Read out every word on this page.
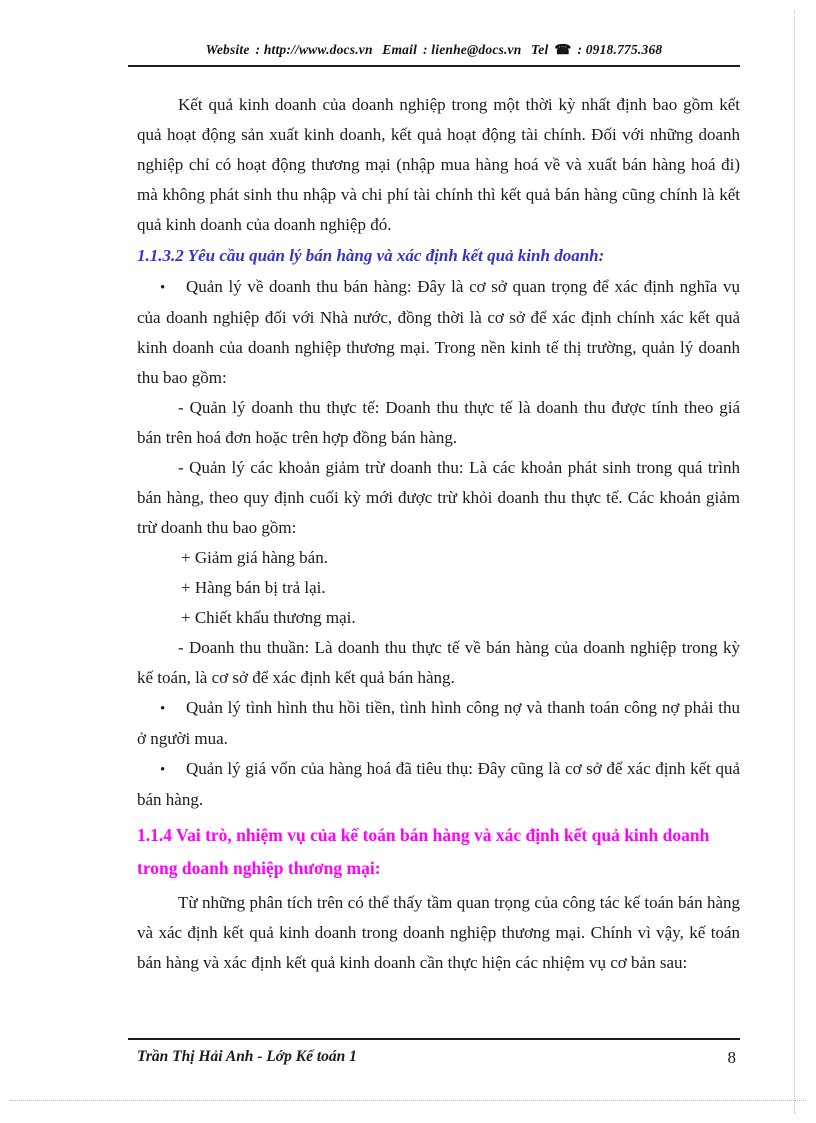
Website : http://www.docs.vn Email : lienhe@docs.vn Tel ☎ : 0918.775.368

Kết quả kinh doanh của doanh nghiệp trong một thời kỳ nhất định bao gồm kết quả hoạt động sản xuất kinh doanh, kết quả hoạt động tài chính. Đối với những doanh nghiệp chỉ có hoạt động thương mại (nhập mua hàng hoá về và xuất bán hàng hoá đi) mà không phát sinh thu nhập và chi phí tài chính thì kết quả bán hàng cũng chính là kết quả kinh doanh của doanh nghiệp đó.

1.1.3.2 Yêu cầu quản lý bán hàng và xác định kết quả kinh doanh:

• Quản lý về doanh thu bán hàng: Đây là cơ sở quan trọng để xác định nghĩa vụ của doanh nghiệp đối với Nhà nước, đồng thời là cơ sở để xác định chính xác kết quả kinh doanh của doanh nghiệp thương mại. Trong nền kinh tế thị trường, quản lý doanh thu bao gồm:

- Quản lý doanh thu thực tế: Doanh thu thực tế là doanh thu được tính theo giá bán trên hoá đơn hoặc trên hợp đồng bán hàng.

- Quản lý các khoản giảm trừ doanh thu: Là các khoản phát sinh trong quá trình bán hàng, theo quy định cuối kỳ mới được trừ khỏi doanh thu thực tế. Các khoản giảm trừ doanh thu bao gồm:

+ Giảm giá hàng bán.

+ Hàng bán bị trả lại.

+ Chiết khấu thương mại.

- Doanh thu thuần: Là doanh thu thực tế về bán hàng của doanh nghiệp trong kỳ kế toán, là cơ sở để xác định kết quả bán hàng.

• Quản lý tình hình thu hồi tiền, tình hình công nợ và thanh toán công nợ phải thu ở người mua.

• Quản lý giá vốn của hàng hoá đã tiêu thụ: Đây cũng là cơ sở để xác định kết quả bán hàng.

1.1.4 Vai trò, nhiệm vụ của kế toán bán hàng và xác định kết quả kinh doanh trong doanh nghiệp thương mại:

Từ những phân tích trên có thể thấy tầm quan trọng của công tác kế toán bán hàng và xác định kết quả kinh doanh trong doanh nghiệp thương mại. Chính vì vậy, kế toán bán hàng và xác định kết quả kinh doanh cần thực hiện các nhiệm vụ cơ bản sau:

Trần Thị Hải Anh - Lớp Kế toán 1	8
